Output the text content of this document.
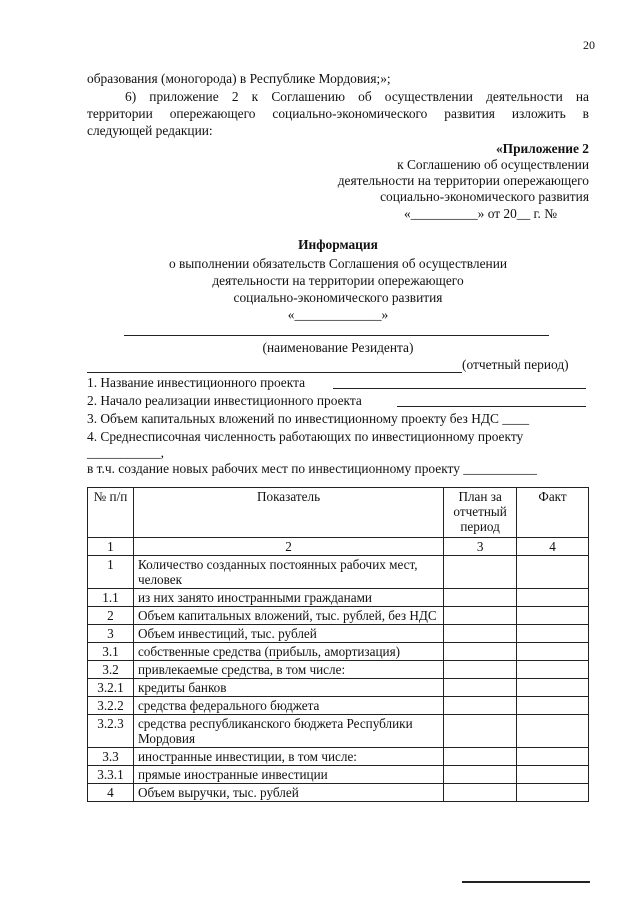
20
образования (моногорода) в Республике Мордовия;»;
6) приложение 2 к Соглашению об осуществлении деятельности на
территории опережающего социально-экономического развития изложить в
следующей редакции:
«Приложение 2
к Соглашению об осуществлении
деятельности на территории опережающего
социально-экономического развития
«__________» от 20__ г. №
Информация
о выполнении обязательств Соглашения об осуществлении
деятельности на территории опережающего
социально-экономического развития
«_____________»
(наименование Резидента)
(отчетный период)
1. Название инвестиционного проекта
2. Начало реализации инвестиционного проекта
3. Объем капитальных вложений по инвестиционному проекту без НДС ____
4. Среднесписочная численность работающих по инвестиционному проекту
___________,
в т.ч. создание новых рабочих мест по инвестиционному проекту ___________
№ п/п	Показатель	План за отчетный период	Факт
1	2	3	4
1	Количество созданных постоянных рабочих мест, человек		
1.1	из них занято иностранными гражданами		
2	Объем капитальных вложений, тыс. рублей, без НДС		
3	Объем инвестиций, тыс. рублей		
3.1	собственные средства (прибыль, амортизация)		
3.2	привлекаемые средства, в том числе:		
3.2.1	кредиты банков		
3.2.2	средства федерального бюджета		
3.2.3	средства республиканского бюджета Республики Мордовия		
3.3	иностранные инвестиции, в том числе:		
3.3.1	прямые иностранные инвестиции		
4	Объем выручки, тыс. рублей		
